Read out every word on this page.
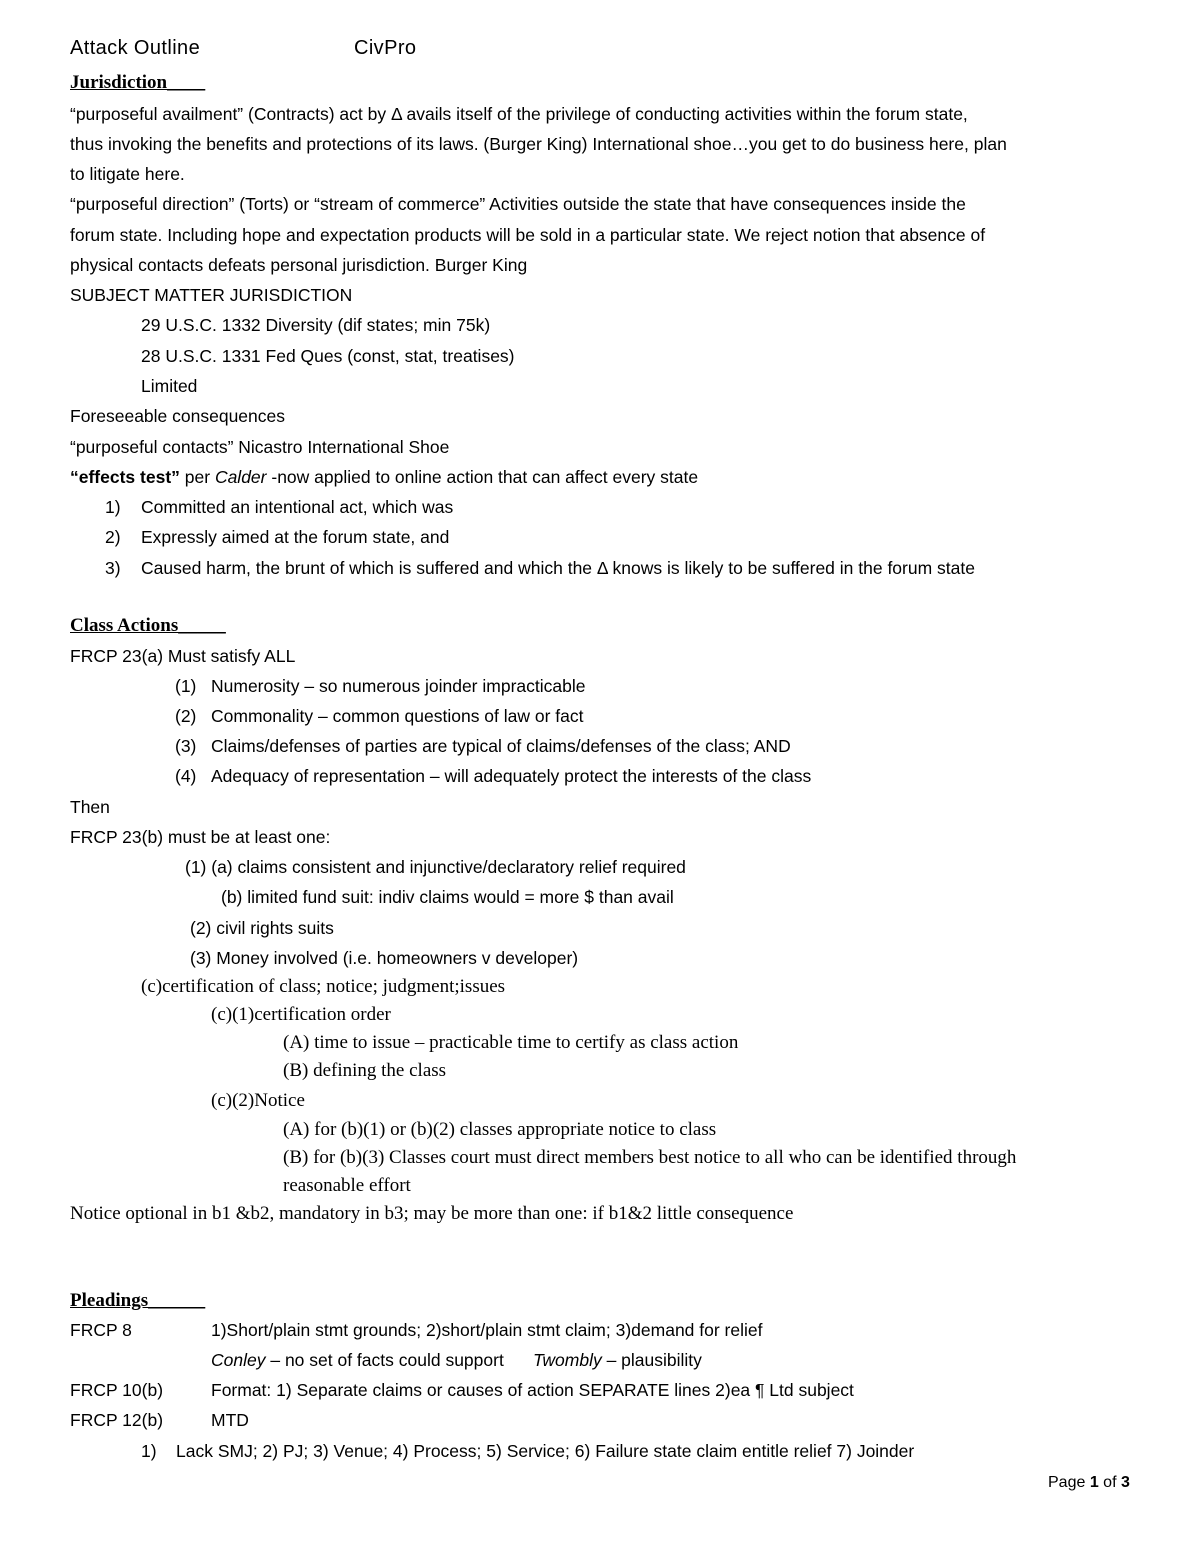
Attack Outline	CivPro
Jurisdiction____
“purposeful availment” (Contracts) act by Δ avails itself of the privilege of conducting activities within the forum state,
thus invoking the benefits and protections of its laws. (Burger King) International shoe…you get to do business here, plan
to litigate here.
“purposeful direction” (Torts) or “stream of commerce” Activities outside the state that have consequences inside the
forum state. Including hope and expectation products will be sold in a particular state. We reject notion that absence of
physical contacts defeats personal jurisdiction. Burger King
SUBJECT MATTER JURISDICTION
29 U.S.C. 1332 Diversity (dif states; min 75k)
28 U.S.C. 1331 Fed Ques (const, stat, treatises)
Limited
Foreseeable consequences
“purposeful contacts” Nicastro International Shoe
“effects test” per Calder -now applied to online action that can affect every state
1) Committed an intentional act, which was
2) Expressly aimed at the forum state, and
3) Caused harm, the brunt of which is suffered and which the Δ knows is likely to be suffered in the forum state
Class Actions_____
FRCP 23(a) Must satisfy ALL
(1) Numerosity – so numerous joinder impracticable
(2) Commonality – common questions of law or fact
(3) Claims/defenses of parties are typical of claims/defenses of the class; AND
(4) Adequacy of representation – will adequately protect the interests of the class
Then
FRCP 23(b) must be at least one:
(1) (a) claims consistent and injunctive/declaratory relief required
(b) limited fund suit: indiv claims would = more $ than avail
(2) civil rights suits
(3) Money involved (i.e. homeowners v developer)
(c)certification of class; notice; judgment;issues
(c)(1)certification order
(A) time to issue – practicable time to certify as class action
(B) defining the class
(c)(2)Notice
(A) for (b)(1) or (b)(2) classes appropriate notice to class
(B) for (b)(3) Classes court must direct members best notice to all who can be identified through
reasonable effort
Notice optional in b1 &b2, mandatory in b3; may be more than one: if b1&2 little consequence
Pleadings______
FRCP 8	1)Short/plain stmt grounds; 2)short/plain stmt claim; 3)demand for relief
Conley – no set of facts could support      Twombly – plausibility
FRCP 10(b)	Format: 1) Separate claims or causes of action SEPARATE lines 2)ea ¶ Ltd subject
FRCP 12(b)	MTD
1) Lack SMJ; 2) PJ; 3) Venue; 4) Process; 5) Service; 6) Failure state claim entitle relief 7) Joinder
Page 1 of 3
